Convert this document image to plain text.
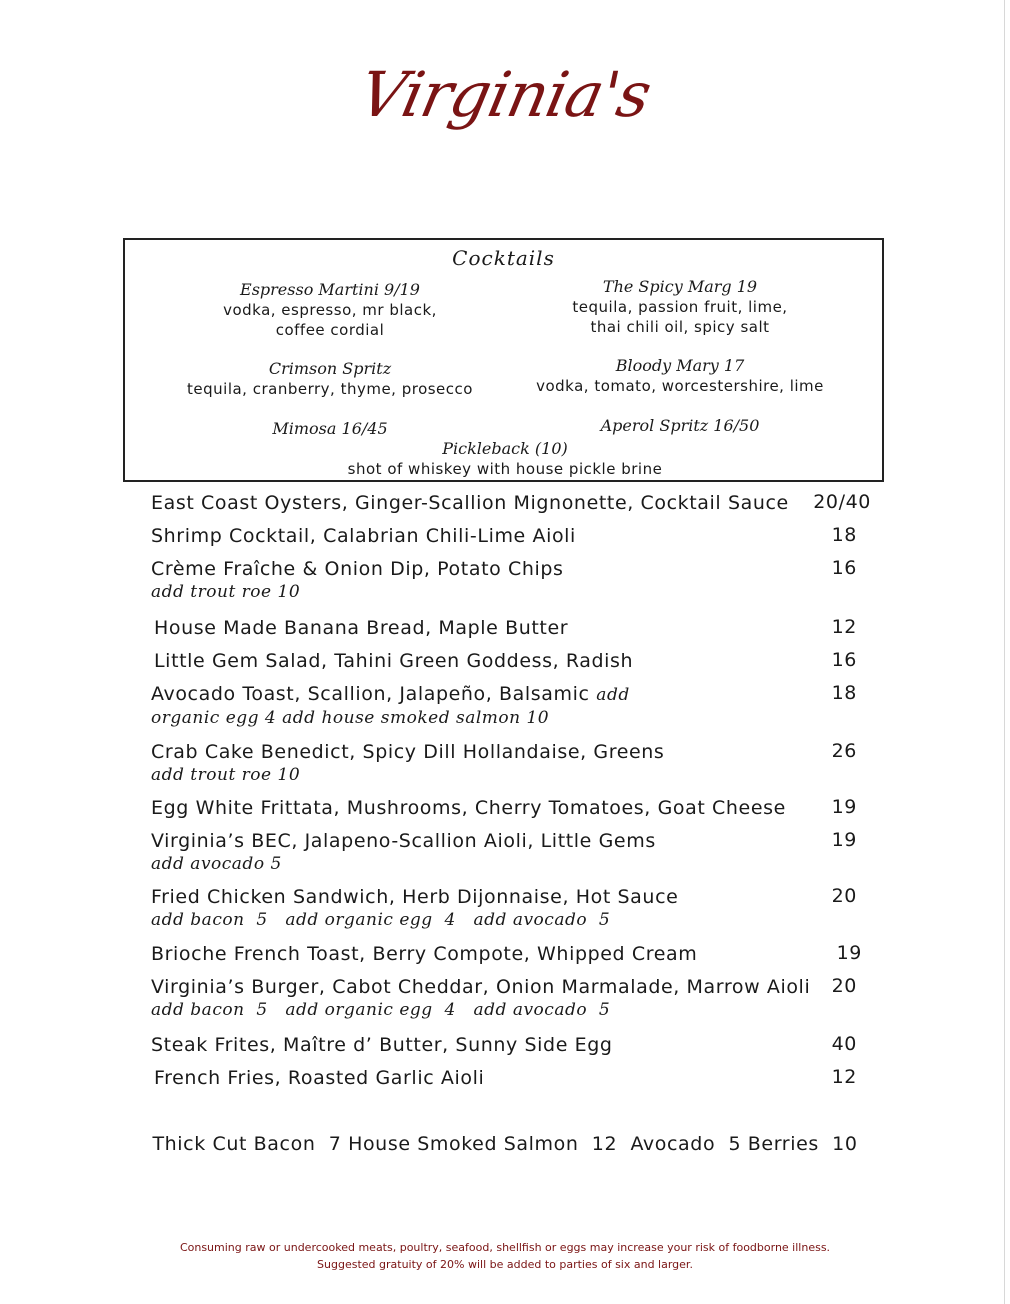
Virginia's
Cocktails
Espresso Martini 9/19
vodka, espresso, mr black,
coffee cordial
The Spicy Marg 19
tequila, passion fruit, lime,
thai chili oil, spicy salt
Crimson Spritz
tequila, cranberry, thyme, prosecco
Bloody Mary 17
vodka, tomato, worcestershire, lime
Mimosa 16/45	Aperol Spritz 16/50
Pickleback (10)
shot of whiskey with house pickle brine
East Coast Oysters, Ginger-Scallion Mignonette, Cocktail Sauce	20/40
Shrimp Cocktail, Calabrian Chili-Lime Aioli	18
Crème Fraîche & Onion Dip, Potato Chips	16
add trout roe 10
House Made Banana Bread, Maple Butter	12
Little Gem Salad, Tahini Green Goddess, Radish	16
Avocado Toast, Scallion, Jalapeño, Balsamic add	18
organic egg 4 add house smoked salmon 10
Crab Cake Benedict, Spicy Dill Hollandaise, Greens	26
add trout roe 10
Egg White Frittata, Mushrooms, Cherry Tomatoes, Goat Cheese	19
Virginia’s BEC, Jalapeno-Scallion Aioli, Little Gems	19
add avocado 5
Fried Chicken Sandwich, Herb Dijonnaise, Hot Sauce	20
add bacon  5   add organic egg  4   add avocado  5
Brioche French Toast, Berry Compote, Whipped Cream	19
Virginia’s Burger, Cabot Cheddar, Onion Marmalade, Marrow Aioli	20
add bacon  5   add organic egg  4   add avocado  5
Steak Frites, Maître d’ Butter, Sunny Side Egg	40
French Fries, Roasted Garlic Aioli	12
Thick Cut Bacon  7 House Smoked Salmon  12  Avocado  5 Berries  10
Consuming raw or undercooked meats, poultry, seafood, shellfish or eggs may increase your risk of foodborne illness.
Suggested gratuity of 20% will be added to parties of six and larger.
